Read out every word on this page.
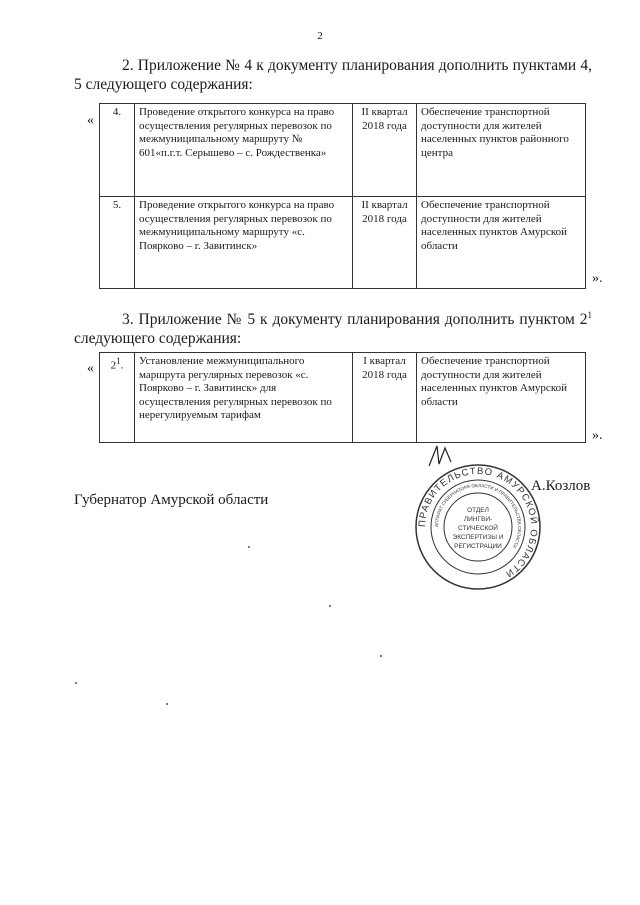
2
2. Приложение № 4 к документу планирования дополнить пунктами 4, 5 следующего содержания:
«
4.	Проведение открытого конкурса на право осуществления регулярных перевозок по межмуниципальному маршруту № 601«п.г.т. Серышево – с. Рождественка»	II квартал 2018 года	Обеспечение транспортной доступности для жителей населенных пунктов районного центра
5.	Проведение открытого конкурса на право осуществления регулярных перевозок по межмуниципальному маршруту «с. Поярково – г. Завитинск»	II квартал 2018 года	Обеспечение транспортной доступности для жителей населенных пунктов Амурской области
».
3. Приложение № 5 к документу планирования дополнить пунктом $2^1$ следующего содержания:
« $2^1$.	Установление межмуниципального маршрута регулярных перевозок «с. Поярково – г. Завитинск» для осуществления регулярных перевозок по нерегулируемым тарифам	I квартал 2018 года	Обеспечение транспортной доступности для жителей населенных пунктов Амурской области
».
ПРАВИТЕЛЬСТВО АМУРСКОЙ ОБЛАСТИ
АППАРАТ ГУБЕРНАТОРА ОБЛАСТИ И ПРАВИТЕЛЬСТВА ОБЛАСТИ
ОТДЕЛ
ЛИНГВИ-
СТИЧЕСКОЙ
ЭКСПЕРТИЗЫ И
РЕГИСТРАЦИИ
Губернатор Амурской области
А.Козлов
